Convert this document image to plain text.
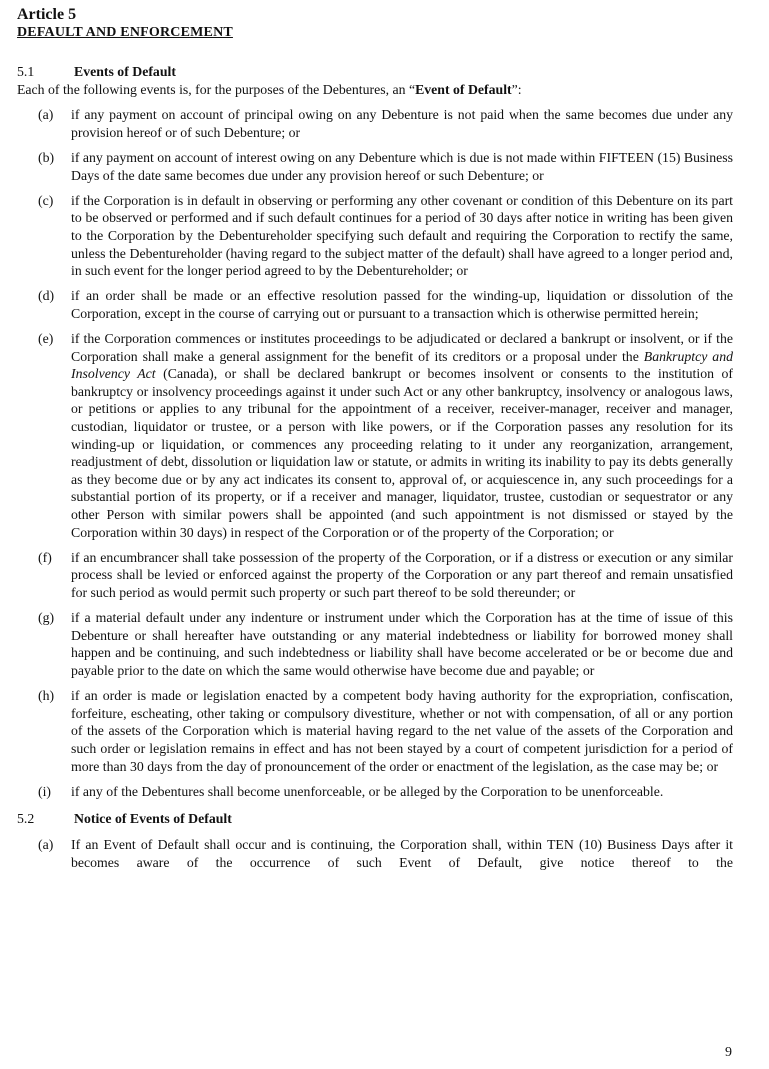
Article 5
DEFAULT AND ENFORCEMENT
5.1	Events of Default
Each of the following events is, for the purposes of the Debentures, an “Event of Default”:
(a)	if any payment on account of principal owing on any Debenture is not paid when the same becomes due under any provision hereof or of such Debenture; or
(b)	if any payment on account of interest owing on any Debenture which is due is not made within FIFTEEN (15) Business Days of the date same becomes due under any provision hereof or such Debenture; or
(c)	if the Corporation is in default in observing or performing any other covenant or condition of this Debenture on its part to be observed or performed and if such default continues for a period of 30 days after notice in writing has been given to the Corporation by the Debentureholder specifying such default and requiring the Corporation to rectify the same, unless the Debentureholder (having regard to the subject matter of the default) shall have agreed to a longer period and, in such event for the longer period agreed to by the Debentureholder; or
(d)	if an order shall be made or an effective resolution passed for the winding-up, liquidation or dissolution of the Corporation, except in the course of carrying out or pursuant to a transaction which is otherwise permitted herein;
(e)	if the Corporation commences or institutes proceedings to be adjudicated or declared a bankrupt or insolvent, or if the Corporation shall make a general assignment for the benefit of its creditors or a proposal under the Bankruptcy and Insolvency Act (Canada), or shall be declared bankrupt or becomes insolvent or consents to the institution of bankruptcy or insolvency proceedings against it under such Act or any other bankruptcy, insolvency or analogous laws, or petitions or applies to any tribunal for the appointment of a receiver, receiver-manager, receiver and manager, custodian, liquidator or trustee, or a person with like powers, or if the Corporation passes any resolution for its winding-up or liquidation, or commences any proceeding relating to it under any reorganization, arrangement, readjustment of debt, dissolution or liquidation law or statute, or admits in writing its inability to pay its debts generally as they become due or by any act indicates its consent to, approval of, or acquiescence in, any such proceedings for a substantial portion of its property, or if a receiver and manager, liquidator, trustee, custodian or sequestrator or any other Person with similar powers shall be appointed (and such appointment is not dismissed or stayed by the Corporation within 30 days) in respect of the Corporation or of the property of the Corporation; or
(f)	if an encumbrancer shall take possession of the property of the Corporation, or if a distress or execution or any similar process shall be levied or enforced against the property of the Corporation or any part thereof and remain unsatisfied for such period as would permit such property or such part thereof to be sold thereunder; or
(g)	if a material default under any indenture or instrument under which the Corporation has at the time of issue of this Debenture or shall hereafter have outstanding or any material indebtedness or liability for borrowed money shall happen and be continuing, and such indebtedness or liability shall have become accelerated or be or become due and payable prior to the date on which the same would otherwise have become due and payable; or
(h)	if an order is made or legislation enacted by a competent body having authority for the expropriation, confiscation, forfeiture, escheating, other taking or compulsory divestiture, whether or not with compensation, of all or any portion of the assets of the Corporation which is material having regard to the net value of the assets of the Corporation and such order or legislation remains in effect and has not been stayed by a court of competent jurisdiction for a period of more than 30 days from the day of pronouncement of the order or enactment of the legislation, as the case may be; or
(i)	if any of the Debentures shall become unenforceable, or be alleged by the Corporation to be unenforceable.
5.2	Notice of Events of Default
(a)	If an Event of Default shall occur and is continuing, the Corporation shall, within TEN (10) Business Days after it becomes aware of the occurrence of such Event of Default, give notice thereof to the
9
